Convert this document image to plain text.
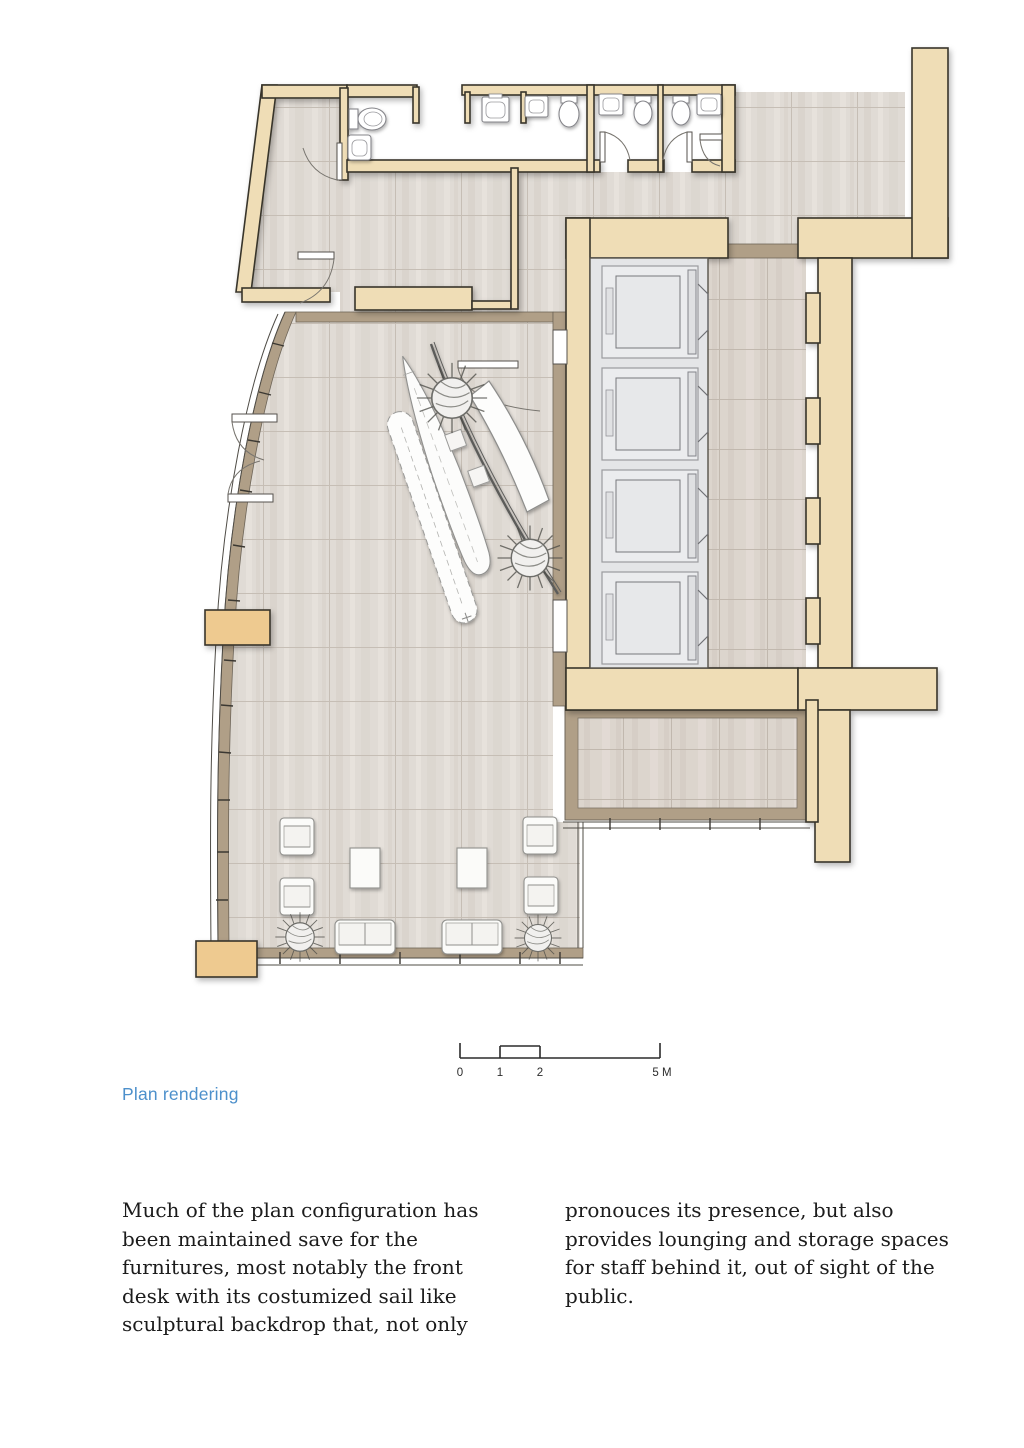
0	1	2	5 M
Plan rendering
Much of the plan configuration has
been maintained save for the
furnitures, most notably the front
desk with its costumized sail like
sculptural backdrop that, not only
pronouces its presence, but also
provides lounging and storage spaces
for staff behind it, out of sight of the
public.
